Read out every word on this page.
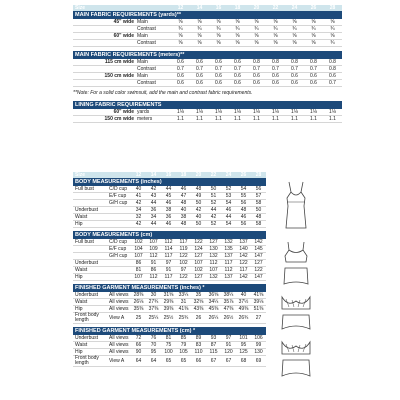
Size		12	14	16	18	20	22	24	26	28
MAIN FABRIC REQUIREMENTS (yards)**										
45" wide	Main	⅝	⅝	⅝	⅝	⅝	⅝	⅝	⅝	⅝
	Contrast	¾	¾	¾	¾	¾	¾	¾	¾	¾
60" wide	Main	⅝	⅝	⅝	⅝	⅝	⅝	⅝	⅝	⅝
	Contrast	⅝	⅝	⅝	⅝	⅝	⅝	⅝	⅝	¾

MAIN FABRIC REQUIREMENTS (meters)**										
115 cm wide	Main	0.6	0.6	0.6	0.6	0.8	0.8	0.8	0.8	0.8
	Contrast	0.7	0.7	0.7	0.7	0.7	0.7	0.7	0.7	0.8
150 cm wide	Main	0.6	0.6	0.6	0.6	0.6	0.6	0.6	0.6	0.6
	Contrast	0.6	0.6	0.6	0.6	0.6	0.6	0.6	0.6	0.7

**Note: For a solid color swimsuit, add the main and contrast fabric requirements.										

LINING FABRIC REQUIREMENTS										
60" wide	yards	1⅛	1⅛	1⅛	1⅛	1⅛	1⅛	1⅛	1⅛	1⅛
150 cm wide	meters	1.1	1.1	1.1	1.1	1.1	1.1	1.1	1.1	1.1
Size		12	14	16	18	20	22	24	26	28
BODY MEASUREMENTS (inches)										
Full bust	C/D cup	40	42	44	46	48	50	52	54	56
	E/F cup	41	43	45	47	49	51	53	55	57
	G/H cup	42	44	46	48	50	52	54	56	58
Underbust		34	36	38	40	42	44	46	48	50
Waist		32	34	36	38	40	42	44	46	48
Hip		42	44	46	48	50	52	54	56	58

BODY MEASUREMENTS (cm)										
Full bust	C/D cup	102	107	112	117	122	127	132	137	142
	E/F cup	104	109	114	119	124	130	135	140	145
	G/H cup	107	112	117	122	127	132	137	142	147
Underbust		86	91	97	102	107	112	117	122	127
Waist		81	86	91	97	102	107	112	117	122
Hip		107	112	117	122	127	132	137	142	147

FINISHED GARMENT MEASUREMENTS (inches) *										
Underbust	All views	28⅜	30	31⅝	33¼	35	36⅝	38¼	40	41⅝
Waist	All views	26⅛	27¾	29⅜	31	32⅝	34¼	35⅞	37½	39⅛
Hip	All views	35⅜	37⅜	39⅜	41⅜	43⅜	45⅜	47⅜	49⅜	51⅜
Front body length	View A	25	25¼	25½	25¾	26	26¼	26½	26¾	27

FINISHED GARMENT MEASUREMENTS (cm) *										
Underbust	All views	72	76	81	85	89	93	97	101	106
Waist	All views	66	70	75	79	83	87	91	95	99
Hip	All views	90	95	100	105	110	115	120	125	130
Front body length	View A	64	64	65	65	66	67	67	68	69
